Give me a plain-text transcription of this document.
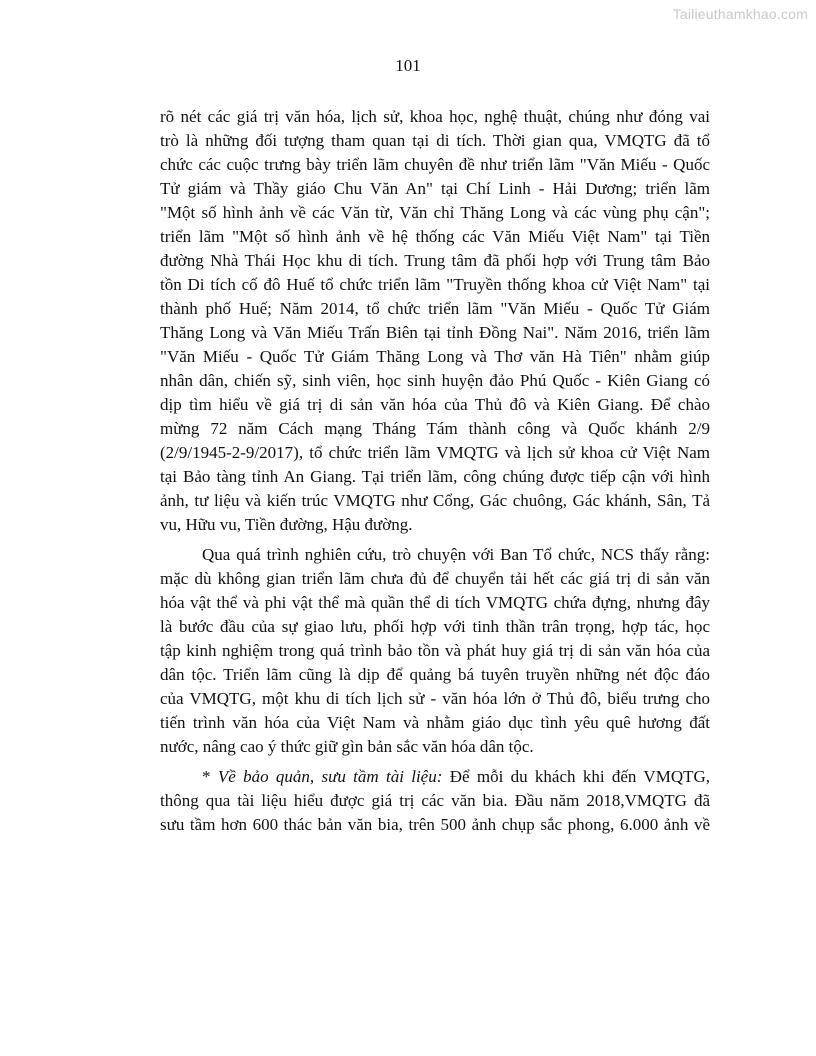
Tailieuthamkhao.com
101
rõ nét các giá trị văn hóa, lịch sử, khoa học, nghệ thuật, chúng như đóng vai
trò là những đối tượng tham quan tại di tích. Thời gian qua, VMQTG đã tổ
chức các cuộc trưng bày triển lãm chuyên đề như triển lãm "Văn Miếu - Quốc
Tử giám và Thầy giáo Chu Văn An" tại Chí Linh - Hải Dương; triển lãm
"Một số hình ảnh về các Văn từ, Văn chỉ Thăng Long và các vùng phụ cận";
triển lãm "Một số hình ảnh về hệ thống các Văn Miếu Việt Nam" tại Tiền
đường Nhà Thái Học khu di tích. Trung tâm đã phối hợp với Trung tâm Bảo
tồn Di tích cố đô Huế tổ chức triển lãm "Truyền thống khoa cử Việt Nam" tại
thành phố Huế; Năm 2014, tổ chức triển lãm "Văn Miếu - Quốc Tử Giám
Thăng Long và Văn Miếu Trấn Biên tại tỉnh Đồng Nai". Năm 2016, triển lãm
"Văn Miếu - Quốc Tử Giám Thăng Long và Thơ văn Hà Tiên" nhằm giúp
nhân dân, chiến sỹ, sinh viên, học sinh huyện đảo Phú Quốc - Kiên Giang có
dịp tìm hiểu về giá trị di sản văn hóa của Thủ đô và Kiên Giang. Để chào
mừng 72 năm Cách mạng Tháng Tám thành công và Quốc khánh 2/9
(2/9/1945-2-9/2017), tổ chức triển lãm VMQTG và lịch sử khoa cử Việt Nam
tại Bảo tàng tỉnh An Giang. Tại triển lãm, công chúng được tiếp cận với hình
ảnh, tư liệu và kiến trúc VMQTG như Cổng, Gác chuông, Gác khánh, Sân, Tả
vu, Hữu vu, Tiền đường, Hậu đường.
Qua quá trình nghiên cứu, trò chuyện với Ban Tổ chức, NCS thấy rằng:
mặc dù không gian triển lãm chưa đủ để chuyển tải hết các giá trị di sản văn
hóa vật thể và phi vật thể mà quần thể di tích VMQTG chứa đựng, nhưng đây
là bước đầu của sự giao lưu, phối hợp với tinh thần trân trọng, hợp tác, học
tập kinh nghiệm trong quá trình bảo tồn và phát huy giá trị di sản văn hóa của
dân tộc. Triển lãm cũng là dịp để quảng bá tuyên truyền những nét độc đáo
của VMQTG, một khu di tích lịch sử - văn hóa lớn ở Thủ đô, biểu trưng cho
tiến trình văn hóa của Việt Nam và nhằm giáo dục tình yêu quê hương đất
nước, nâng cao ý thức giữ gìn bản sắc văn hóa dân tộc.
* Về bảo quản, sưu tầm tài liệu: Để mỗi du khách khi đến VMQTG,
thông qua tài liệu hiểu được giá trị các văn bia. Đầu năm 2018,VMQTG đã
sưu tầm hơn 600 thác bản văn bia, trên 500 ảnh chụp sắc phong, 6.000 ảnh về
